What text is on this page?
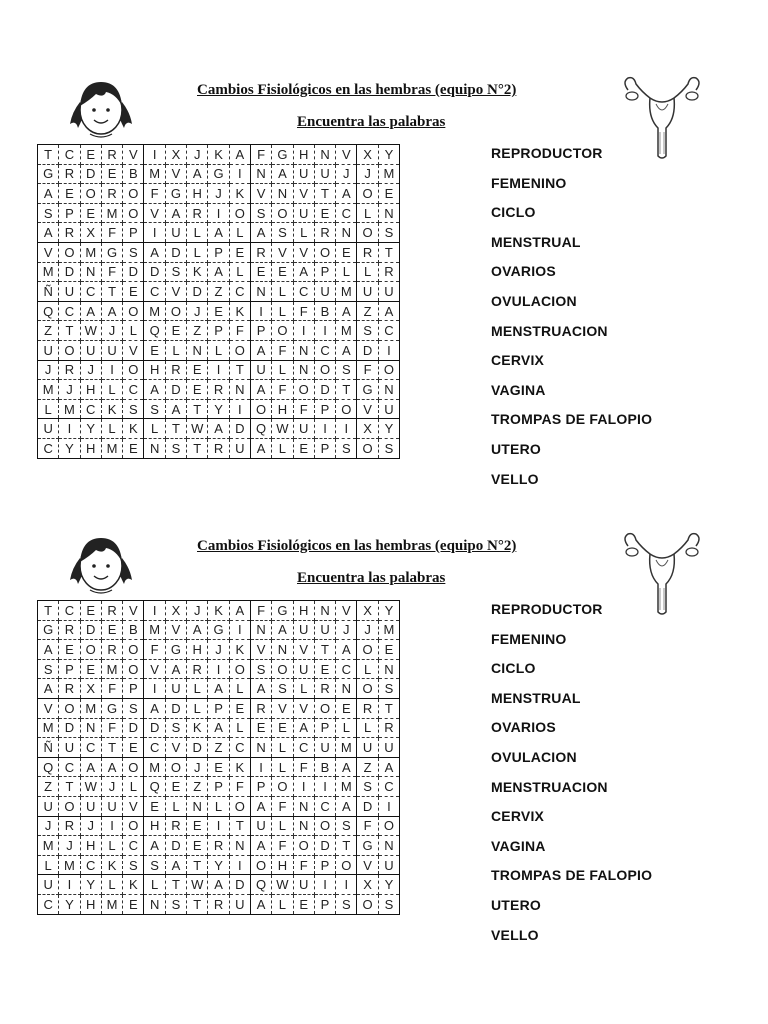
Cambios Fisiológicos en las hembras (equipo N°2)
Encuentra las palabras
T	C	E	R	V	I	X	J	K	A	F	G	H	N	V	X	Y
G	R	D	E	B	M	V	A	G	I	N	A	U	U	J	J	M
A	E	O	R	O	F	G	H	J	K	V	N	V	T	A	O	E
S	P	E	M	O	V	A	R	I	O	S	O	U	E	C	L	N
A	R	X	F	P	I	U	L	A	L	A	S	L	R	N	O	S
V	O	M	G	S	A	D	L	P	E	R	V	V	O	E	R	T
M	D	N	F	D	D	S	K	A	L	E	E	A	P	L	L	R
Ñ	U	C	T	E	C	V	D	Z	C	N	L	C	U	M	U	U
Q	C	A	A	O	M	O	J	E	K	I	L	F	B	A	Z	A
Z	T	W	J	L	Q	E	Z	P	F	P	O	I	I	M	S	C
U	O	U	U	V	E	L	N	L	O	A	F	N	C	A	D	I
J	R	J	I	O	H	R	E	I	T	U	L	N	O	S	F	O
M	J	H	L	C	A	D	E	R	N	A	F	O	D	T	G	N
L	M	C	K	S	S	A	T	Y	I	O	H	F	P	O	V	U
U	I	Y	L	K	L	T	W	A	D	Q	W	U	I	I	X	Y
C	Y	H	M	E	N	S	T	R	U	A	L	E	P	S	O	S
REPRODUCTOR
FEMENINO
CICLO
MENSTRUAL
OVARIOS
OVULACION
MENSTRUACION
CERVIX
VAGINA
TROMPAS DE FALOPIO
UTERO
VELLO
Cambios Fisiológicos en las hembras (equipo N°2)
Encuentra las palabras
T	C	E	R	V	I	X	J	K	A	F	G	H	N	V	X	Y
G	R	D	E	B	M	V	A	G	I	N	A	U	U	J	J	M
A	E	O	R	O	F	G	H	J	K	V	N	V	T	A	O	E
S	P	E	M	O	V	A	R	I	O	S	O	U	E	C	L	N
A	R	X	F	P	I	U	L	A	L	A	S	L	R	N	O	S
V	O	M	G	S	A	D	L	P	E	R	V	V	O	E	R	T
M	D	N	F	D	D	S	K	A	L	E	E	A	P	L	L	R
Ñ	U	C	T	E	C	V	D	Z	C	N	L	C	U	M	U	U
Q	C	A	A	O	M	O	J	E	K	I	L	F	B	A	Z	A
Z	T	W	J	L	Q	E	Z	P	F	P	O	I	I	M	S	C
U	O	U	U	V	E	L	N	L	O	A	F	N	C	A	D	I
J	R	J	I	O	H	R	E	I	T	U	L	N	O	S	F	O
M	J	H	L	C	A	D	E	R	N	A	F	O	D	T	G	N
L	M	C	K	S	S	A	T	Y	I	O	H	F	P	O	V	U
U	I	Y	L	K	L	T	W	A	D	Q	W	U	I	I	X	Y
C	Y	H	M	E	N	S	T	R	U	A	L	E	P	S	O	S
REPRODUCTOR
FEMENINO
CICLO
MENSTRUAL
OVARIOS
OVULACION
MENSTRUACION
CERVIX
VAGINA
TROMPAS DE FALOPIO
UTERO
VELLO
